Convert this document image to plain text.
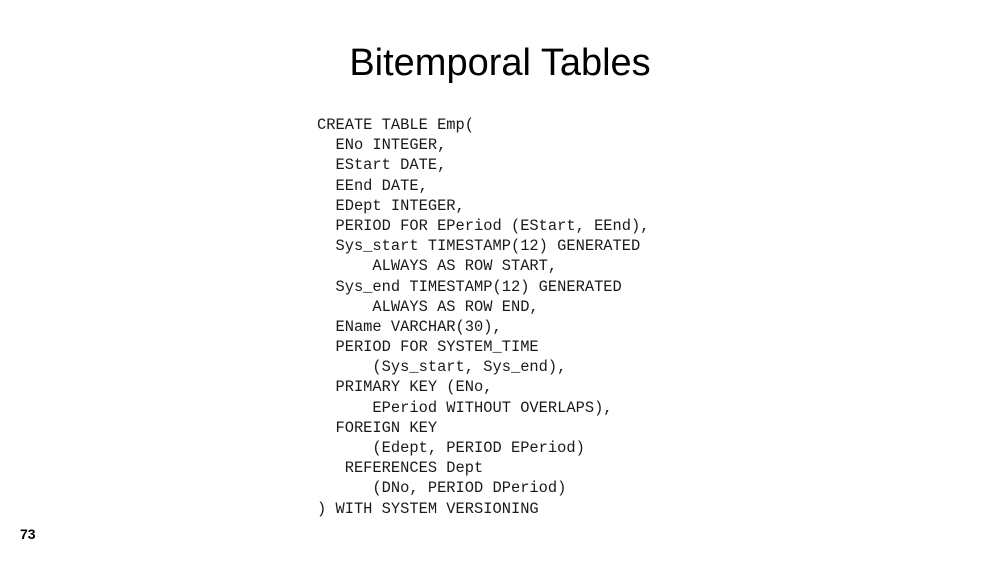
Bitemporal Tables
CREATE TABLE Emp(
ENo INTEGER,
EStart DATE,
EEnd DATE,
EDept INTEGER,
PERIOD FOR EPeriod (EStart, EEnd),
Sys_start TIMESTAMP(12) GENERATED
ALWAYS AS ROW START,
Sys_end TIMESTAMP(12) GENERATED
ALWAYS AS ROW END,
EName VARCHAR(30),
PERIOD FOR SYSTEM_TIME
(Sys_start, Sys_end),
PRIMARY KEY (ENo,
EPeriod WITHOUT OVERLAPS),
FOREIGN KEY
(Edept, PERIOD EPeriod)
REFERENCES Dept
(DNo, PERIOD DPeriod)
) WITH SYSTEM VERSIONING
73
